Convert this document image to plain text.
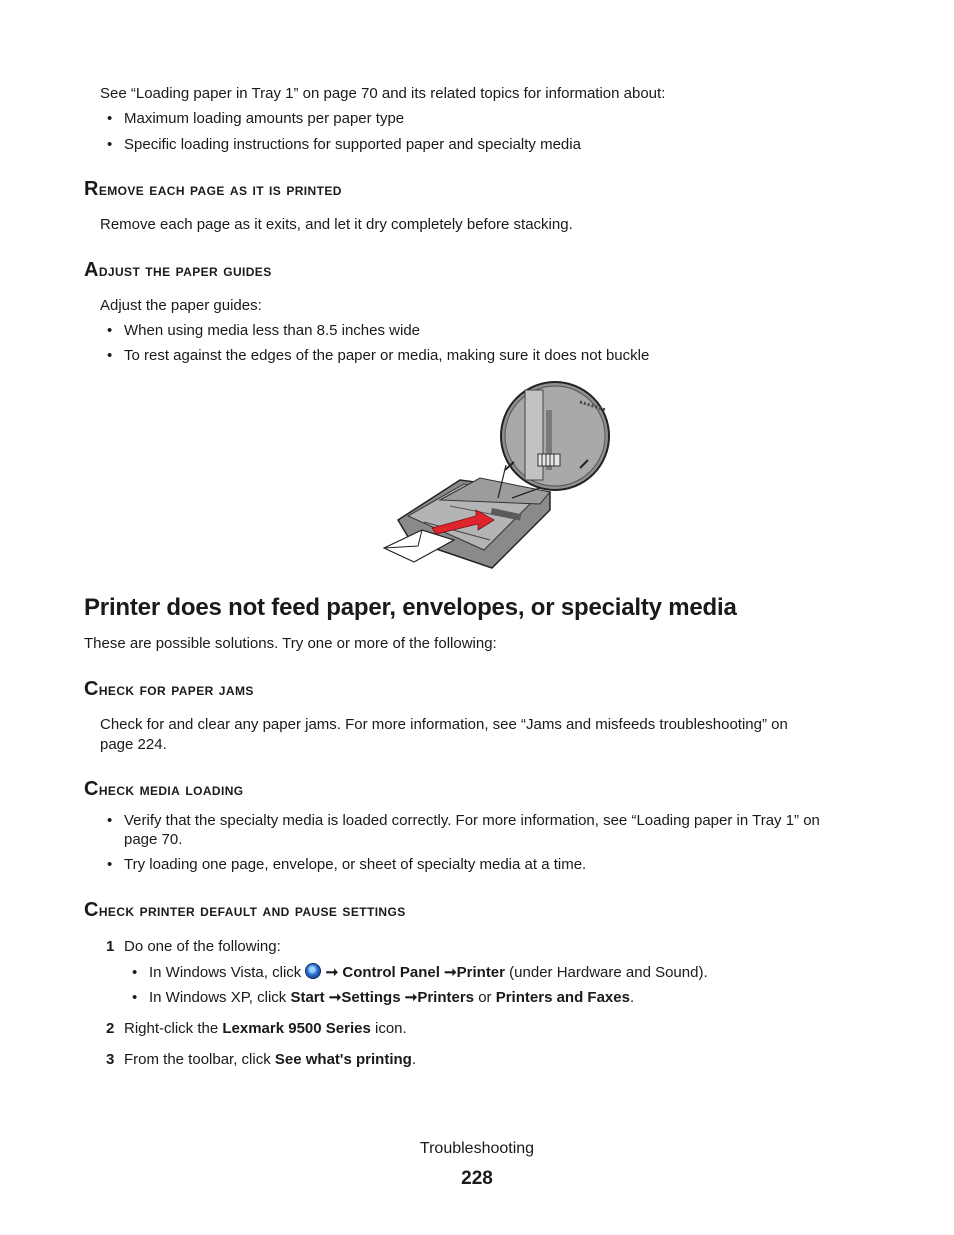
See “Loading paper in Tray 1” on page 70 and its related topics for information about:
• Maximum loading amounts per paper type
• Specific loading instructions for supported paper and specialty media
Remove each page as it is printed
Remove each page as it exits, and let it dry completely before stacking.
Adjust the paper guides
Adjust the paper guides:
• When using media less than 8.5 inches wide
• To rest against the edges of the paper or media, making sure it does not buckle
Printer does not feed paper, envelopes, or specialty media
These are possible solutions. Try one or more of the following:
Check for paper jams
Check for and clear any paper jams. For more information, see “Jams and misfeeds troubleshooting” on
page 224.
Check media loading
• Verify that the specialty media is loaded correctly. For more information, see “Loading paper in Tray 1” on
page 70.
• Try loading one page, envelope, or sheet of specialty media at a time.
Check printer default and pause settings
1 Do one of the following:
• In Windows Vista, click  ➞ Control Panel ➞Printer (under Hardware and Sound).
• In Windows XP, click Start ➞Settings ➞Printers or Printers and Faxes.
2 Right-click the Lexmark 9500 Series icon.
3 From the toolbar, click See what's printing.
Troubleshooting
228
